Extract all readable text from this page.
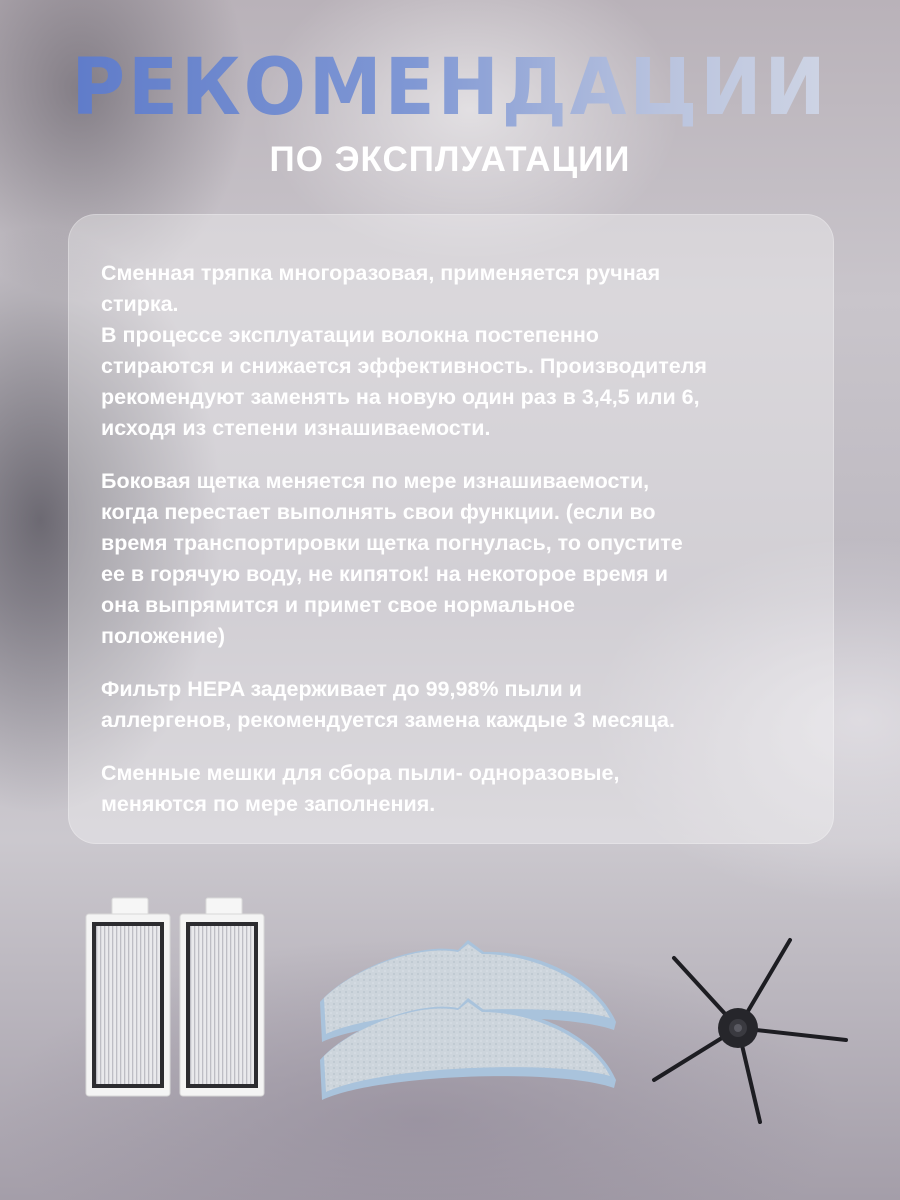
РЕКОМЕНДАЦИИ
ПО ЭКСПЛУАТАЦИИ

Сменная тряпка многоразовая, применяется ручная
стирка.
В процессе эксплуатации волокна постепенно
стираются и снижается эффективность. Производителя
рекомендуют заменять на новую один раз в 3,4,5 или 6,
исходя из степени изнашиваемости.

Боковая щетка меняется по мере изнашиваемости,
когда перестает выполнять свои функции. (если во
время транспортировки щетка погнулась, то опустите
ее в горячую воду, не кипяток! на некоторое время и
она выпрямится и примет свое нормальное
положение)

Фильтр HEPA задерживает до 99,98% пыли и
аллергенов, рекомендуется замена каждые 3 месяца.

Сменные мешки для сбора пыли- одноразовые,
меняются по мере заполнения.
